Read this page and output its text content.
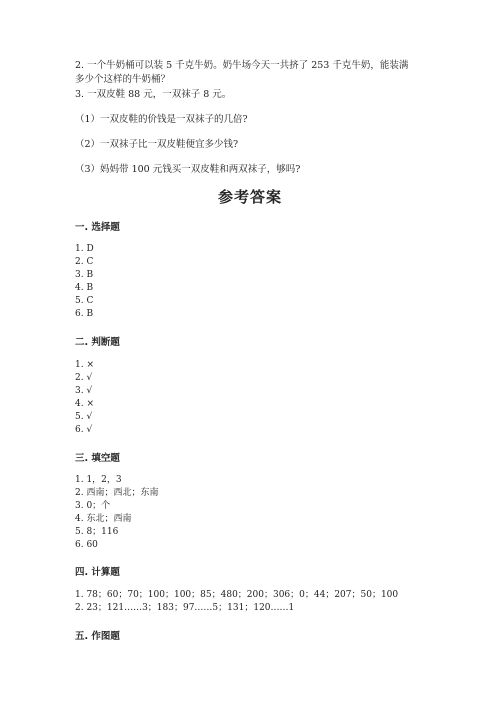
2. 一个牛奶桶可以装 5 千克牛奶。奶牛场今天一共挤了 253 千克牛奶，能装满
多少个这样的牛奶桶？
3. 一双皮鞋 88 元，一双袜子 8 元。
（1）一双皮鞋的价钱是一双袜子的几倍?
（2）一双袜子比一双皮鞋便宜多少钱?
（3）妈妈带 100 元钱买一双皮鞋和两双袜子，够吗?
参考答案
一. 选择题
1. D
2. C
3. B
4. B
5. C
6. B
二. 判断题
1. ×
2. √
3. √
4. ×
5. √
6. √
三. 填空题
1. 1，2，3
2. 西南；西北；东南
3. 0；个
4. 东北；西南
5. 8；116
6. 60
四. 计算题
1. 78；60；70；100；100；85；480；200；306；0；44；207；50；100
2. 23；121……3；183；97……5；131；120……1
五. 作图题
